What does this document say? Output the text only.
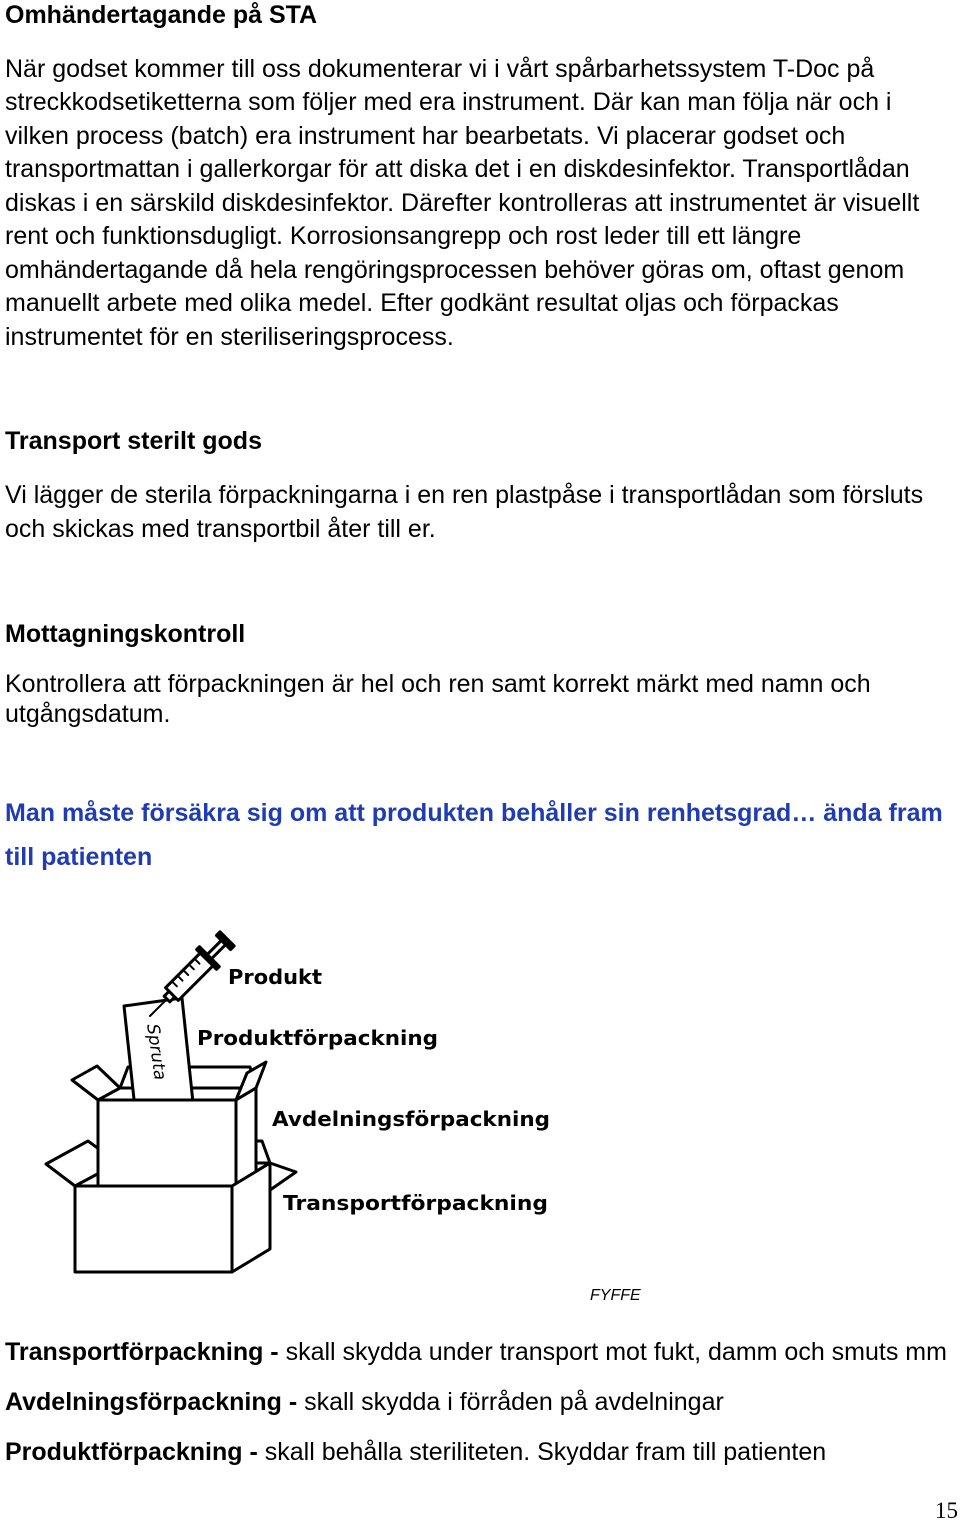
Omhändertagande på STA
När godset kommer till oss dokumenterar vi i vårt spårbarhetssystem T-Doc på
streckkodsetiketterna som följer med era instrument. Där kan man följa när och i
vilken process (batch) era instrument har bearbetats. Vi placerar godset och
transportmattan i gallerkorgar för att diska det i en diskdesinfektor. Transportlådan
diskas i en särskild diskdesinfektor. Därefter kontrolleras att instrumentet är visuellt
rent och funktionsdugligt. Korrosionsangrepp och rost leder till ett längre
omhändertagande då hela rengöringsprocessen behöver göras om, oftast genom
manuellt arbete med olika medel. Efter godkänt resultat oljas och förpackas
instrumentet för en steriliseringsprocess.
Transport sterilt gods
Vi lägger de sterila förpackningarna i en ren plastpåse i transportlådan som försluts
och skickas med transportbil åter till er.
Mottagningskontroll
Kontrollera att förpackningen är hel och ren samt korrekt märkt med namn och
utgångsdatum.
Man måste försäkra sig om att produkten behåller sin renhetsgrad… ända fram
till patienten
Spruta
Produkt
Produktförpackning
Avdelningsförpackning
Transportförpackning
FYFFE
Transportförpackning - skall skydda under transport mot fukt, damm och smuts mm
Avdelningsförpackning - skall skydda i förråden på avdelningar
Produktförpackning - skall behålla steriliteten. Skyddar fram till patienten
15
